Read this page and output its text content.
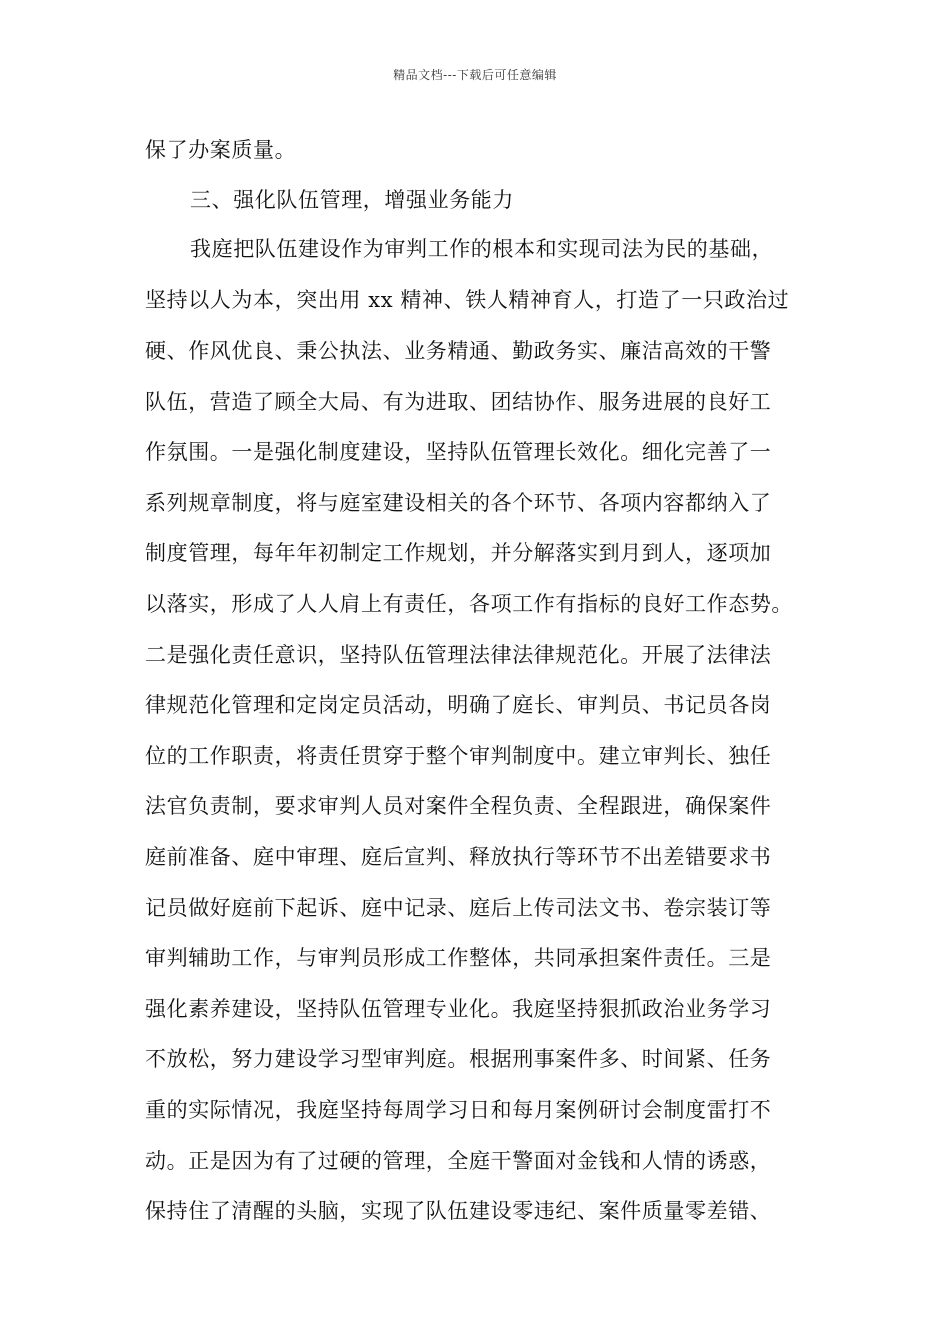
精品文档---下载后可任意编辑
保了办案质量。
三、强化队伍管理，增强业务能力
我庭把队伍建设作为审判工作的根本和实现司法为民的基础，
坚持以人为本，突出用 xx 精神、铁人精神育人，打造了一只政治过
硬、作风优良、秉公执法、业务精通、勤政务实、廉洁高效的干警
队伍，营造了顾全大局、有为进取、团结协作、服务进展的良好工
作氛围。一是强化制度建设，坚持队伍管理长效化。细化完善了一
系列规章制度，将与庭室建设相关的各个环节、各项内容都纳入了
制度管理，每年年初制定工作规划，并分解落实到月到人，逐项加
以落实，形成了人人肩上有责任，各项工作有指标的良好工作态势。
二是强化责任意识，坚持队伍管理法律法律规范化。开展了法律法
律规范化管理和定岗定员活动，明确了庭长、审判员、书记员各岗
位的工作职责，将责任贯穿于整个审判制度中。建立审判长、独任
法官负责制，要求审判人员对案件全程负责、全程跟进，确保案件
庭前准备、庭中审理、庭后宣判、释放执行等环节不出差错要求书
记员做好庭前下起诉、庭中记录、庭后上传司法文书、卷宗装订等
审判辅助工作，与审判员形成工作整体，共同承担案件责任。三是
强化素养建设，坚持队伍管理专业化。我庭坚持狠抓政治业务学习
不放松，努力建设学习型审判庭。根据刑事案件多、时间紧、任务
重的实际情况，我庭坚持每周学习日和每月案例研讨会制度雷打不
动。正是因为有了过硬的管理，全庭干警面对金钱和人情的诱惑，
保持住了清醒的头脑，实现了队伍建设零违纪、案件质量零差错、
